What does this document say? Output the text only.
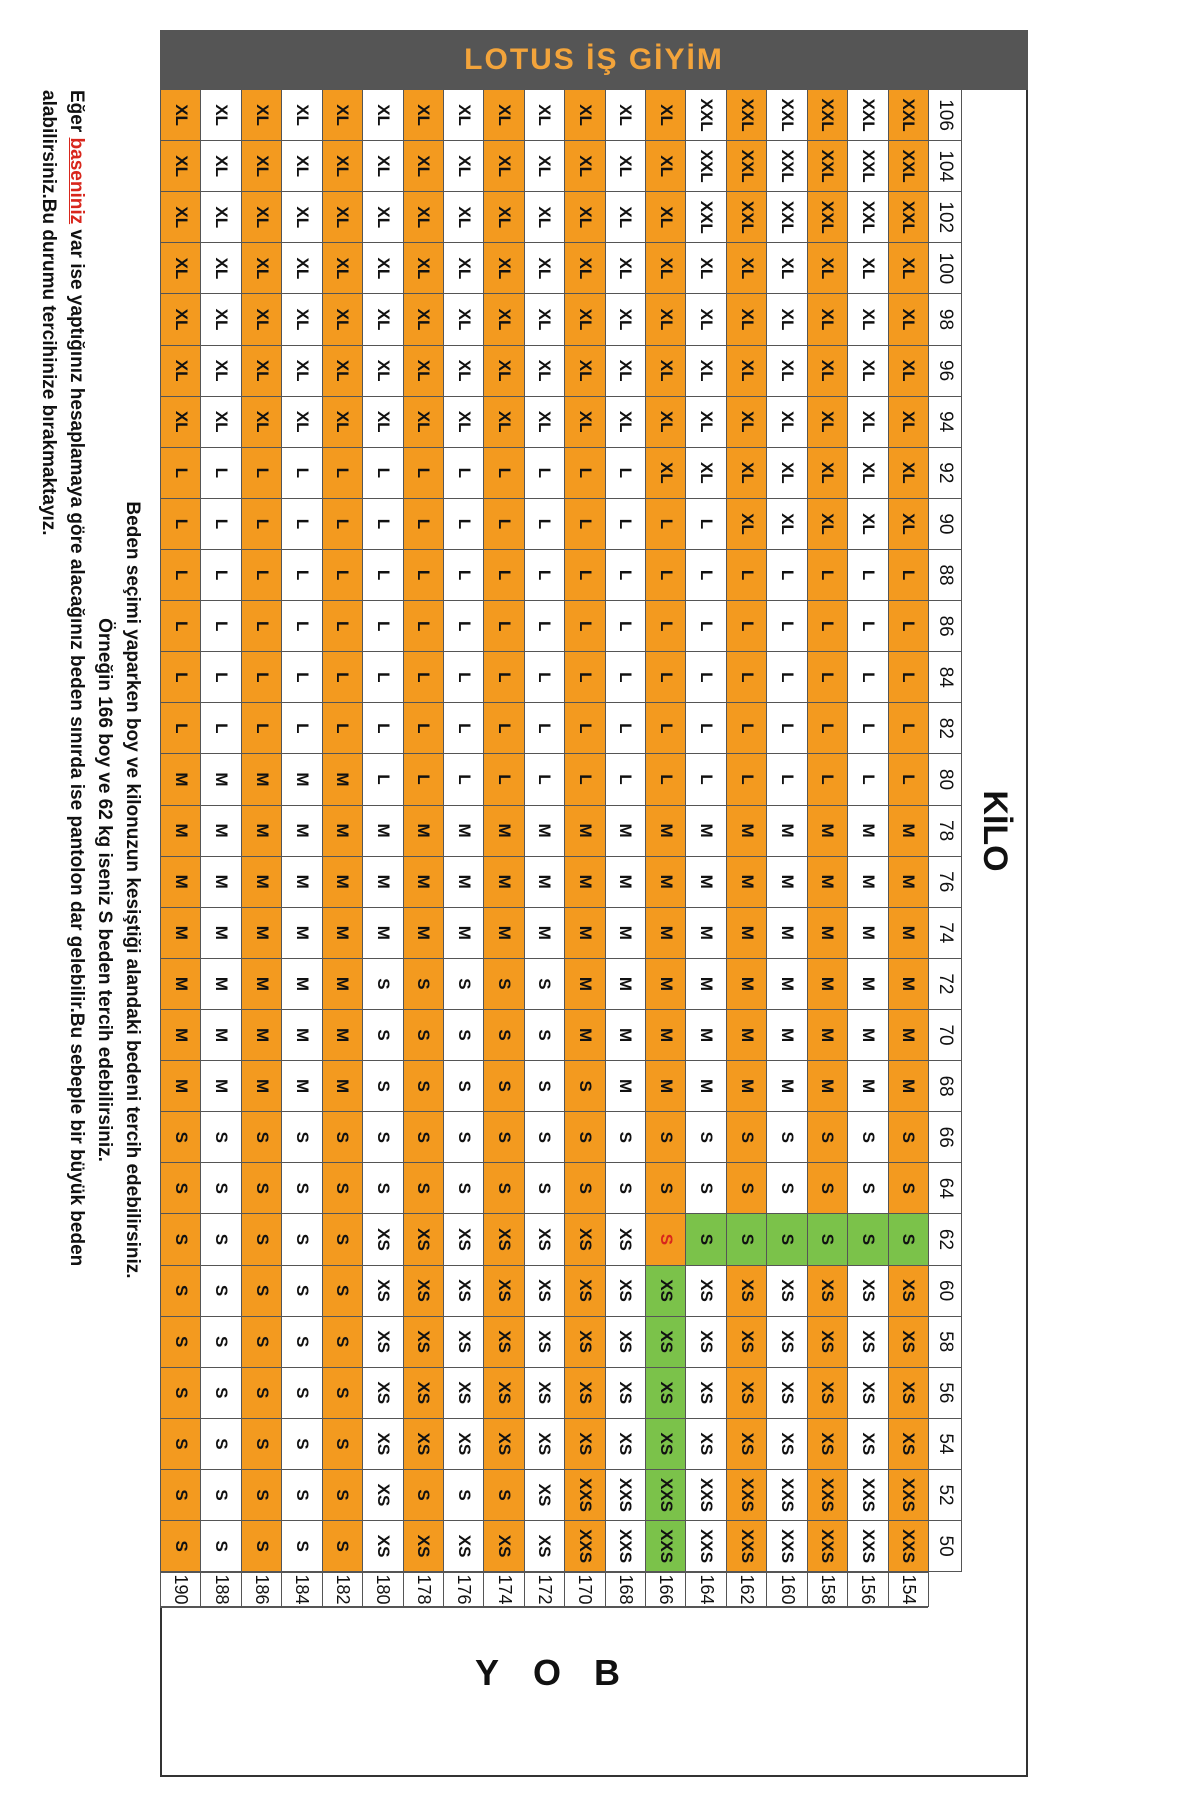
LOTUS İŞ GİYİM
KİLO
106
104
102
100
98
96
94
92
90
88
86
84
82
80
78
76
74
72
70
68
66
64
62
60
58
56
54
52
50
XXL
XXL
XXL
XL
XL
XL
XL
XL
XL
L
L
L
L
L
M
M
M
M
M
M
S
S
S
XS
XS
XS
XS
XXS
XXS
XXL
XXL
XXL
XL
XL
XL
XL
XL
XL
L
L
L
L
L
M
M
M
M
M
M
S
S
S
XS
XS
XS
XS
XXS
XXS
XXL
XXL
XXL
XL
XL
XL
XL
XL
XL
L
L
L
L
L
M
M
M
M
M
M
S
S
S
XS
XS
XS
XS
XXS
XXS
XXL
XXL
XXL
XL
XL
XL
XL
XL
XL
L
L
L
L
L
M
M
M
M
M
M
S
S
S
XS
XS
XS
XS
XXS
XXS
XXL
XXL
XXL
XL
XL
XL
XL
XL
XL
L
L
L
L
L
M
M
M
M
M
M
S
S
S
XS
XS
XS
XS
XXS
XXS
XXL
XXL
XXL
XL
XL
XL
XL
XL
L
L
L
L
L
L
M
M
M
M
M
M
S
S
S
XS
XS
XS
XS
XXS
XXS
XL
XL
XL
XL
XL
XL
XL
XL
L
L
L
L
L
L
M
M
M
M
M
M
S
S
S
XS
XS
XS
XS
XXS
XXS
XL
XL
XL
XL
XL
XL
XL
L
L
L
L
L
L
L
M
M
M
M
M
M
S
S
XS
XS
XS
XS
XS
XXS
XXS
XL
XL
XL
XL
XL
XL
XL
L
L
L
L
L
L
L
M
M
M
M
M
S
S
S
XS
XS
XS
XS
XS
XXS
XXS
XL
XL
XL
XL
XL
XL
XL
L
L
L
L
L
L
L
M
M
M
S
S
S
S
S
XS
XS
XS
XS
XS
XS
XS
XL
XL
XL
XL
XL
XL
XL
L
L
L
L
L
L
L
M
M
M
S
S
S
S
S
XS
XS
XS
XS
XS
S
XS
XL
XL
XL
XL
XL
XL
XL
L
L
L
L
L
L
L
M
M
M
S
S
S
S
S
XS
XS
XS
XS
XS
S
XS
XL
XL
XL
XL
XL
XL
XL
L
L
L
L
L
L
L
M
M
M
S
S
S
S
S
XS
XS
XS
XS
XS
S
XS
XL
XL
XL
XL
XL
XL
XL
L
L
L
L
L
L
L
M
M
M
S
S
S
S
S
XS
XS
XS
XS
XS
XS
XS
XL
XL
XL
XL
XL
XL
XL
L
L
L
L
L
L
M
M
M
M
M
M
M
S
S
S
S
S
S
S
S
S
XL
XL
XL
XL
XL
XL
XL
L
L
L
L
L
L
M
M
M
M
M
M
M
S
S
S
S
S
S
S
S
S
XL
XL
XL
XL
XL
XL
XL
L
L
L
L
L
L
M
M
M
M
M
M
M
S
S
S
S
S
S
S
S
S
XL
XL
XL
XL
XL
XL
XL
L
L
L
L
L
L
M
M
M
M
M
M
M
S
S
S
S
S
S
S
S
S
XL
XL
XL
XL
XL
XL
XL
L
L
L
L
L
L
M
M
M
M
M
M
M
S
S
S
S
S
S
S
S
S
154
156
158
160
162
164
166
168
170
172
174
176
178
180
182
184
186
188
190
B
O
Y

Beden seçimi yaparken boy ve kilonuzun kesiştiği alandaki bedeni tercih edebilirsiniz.

Örneğin 166 boy ve 62 kg iseniz S beden tercih edebilirsiniz.

Eğer baseniniz var ise yaptığınız hesaplamaya göre alacağınız beden sınırda ise pantolon dar gelebilir.Bu sebeple bir büyük beden

alabilirsiniz.Bu durumu tercihinize bırakmaktayız.
